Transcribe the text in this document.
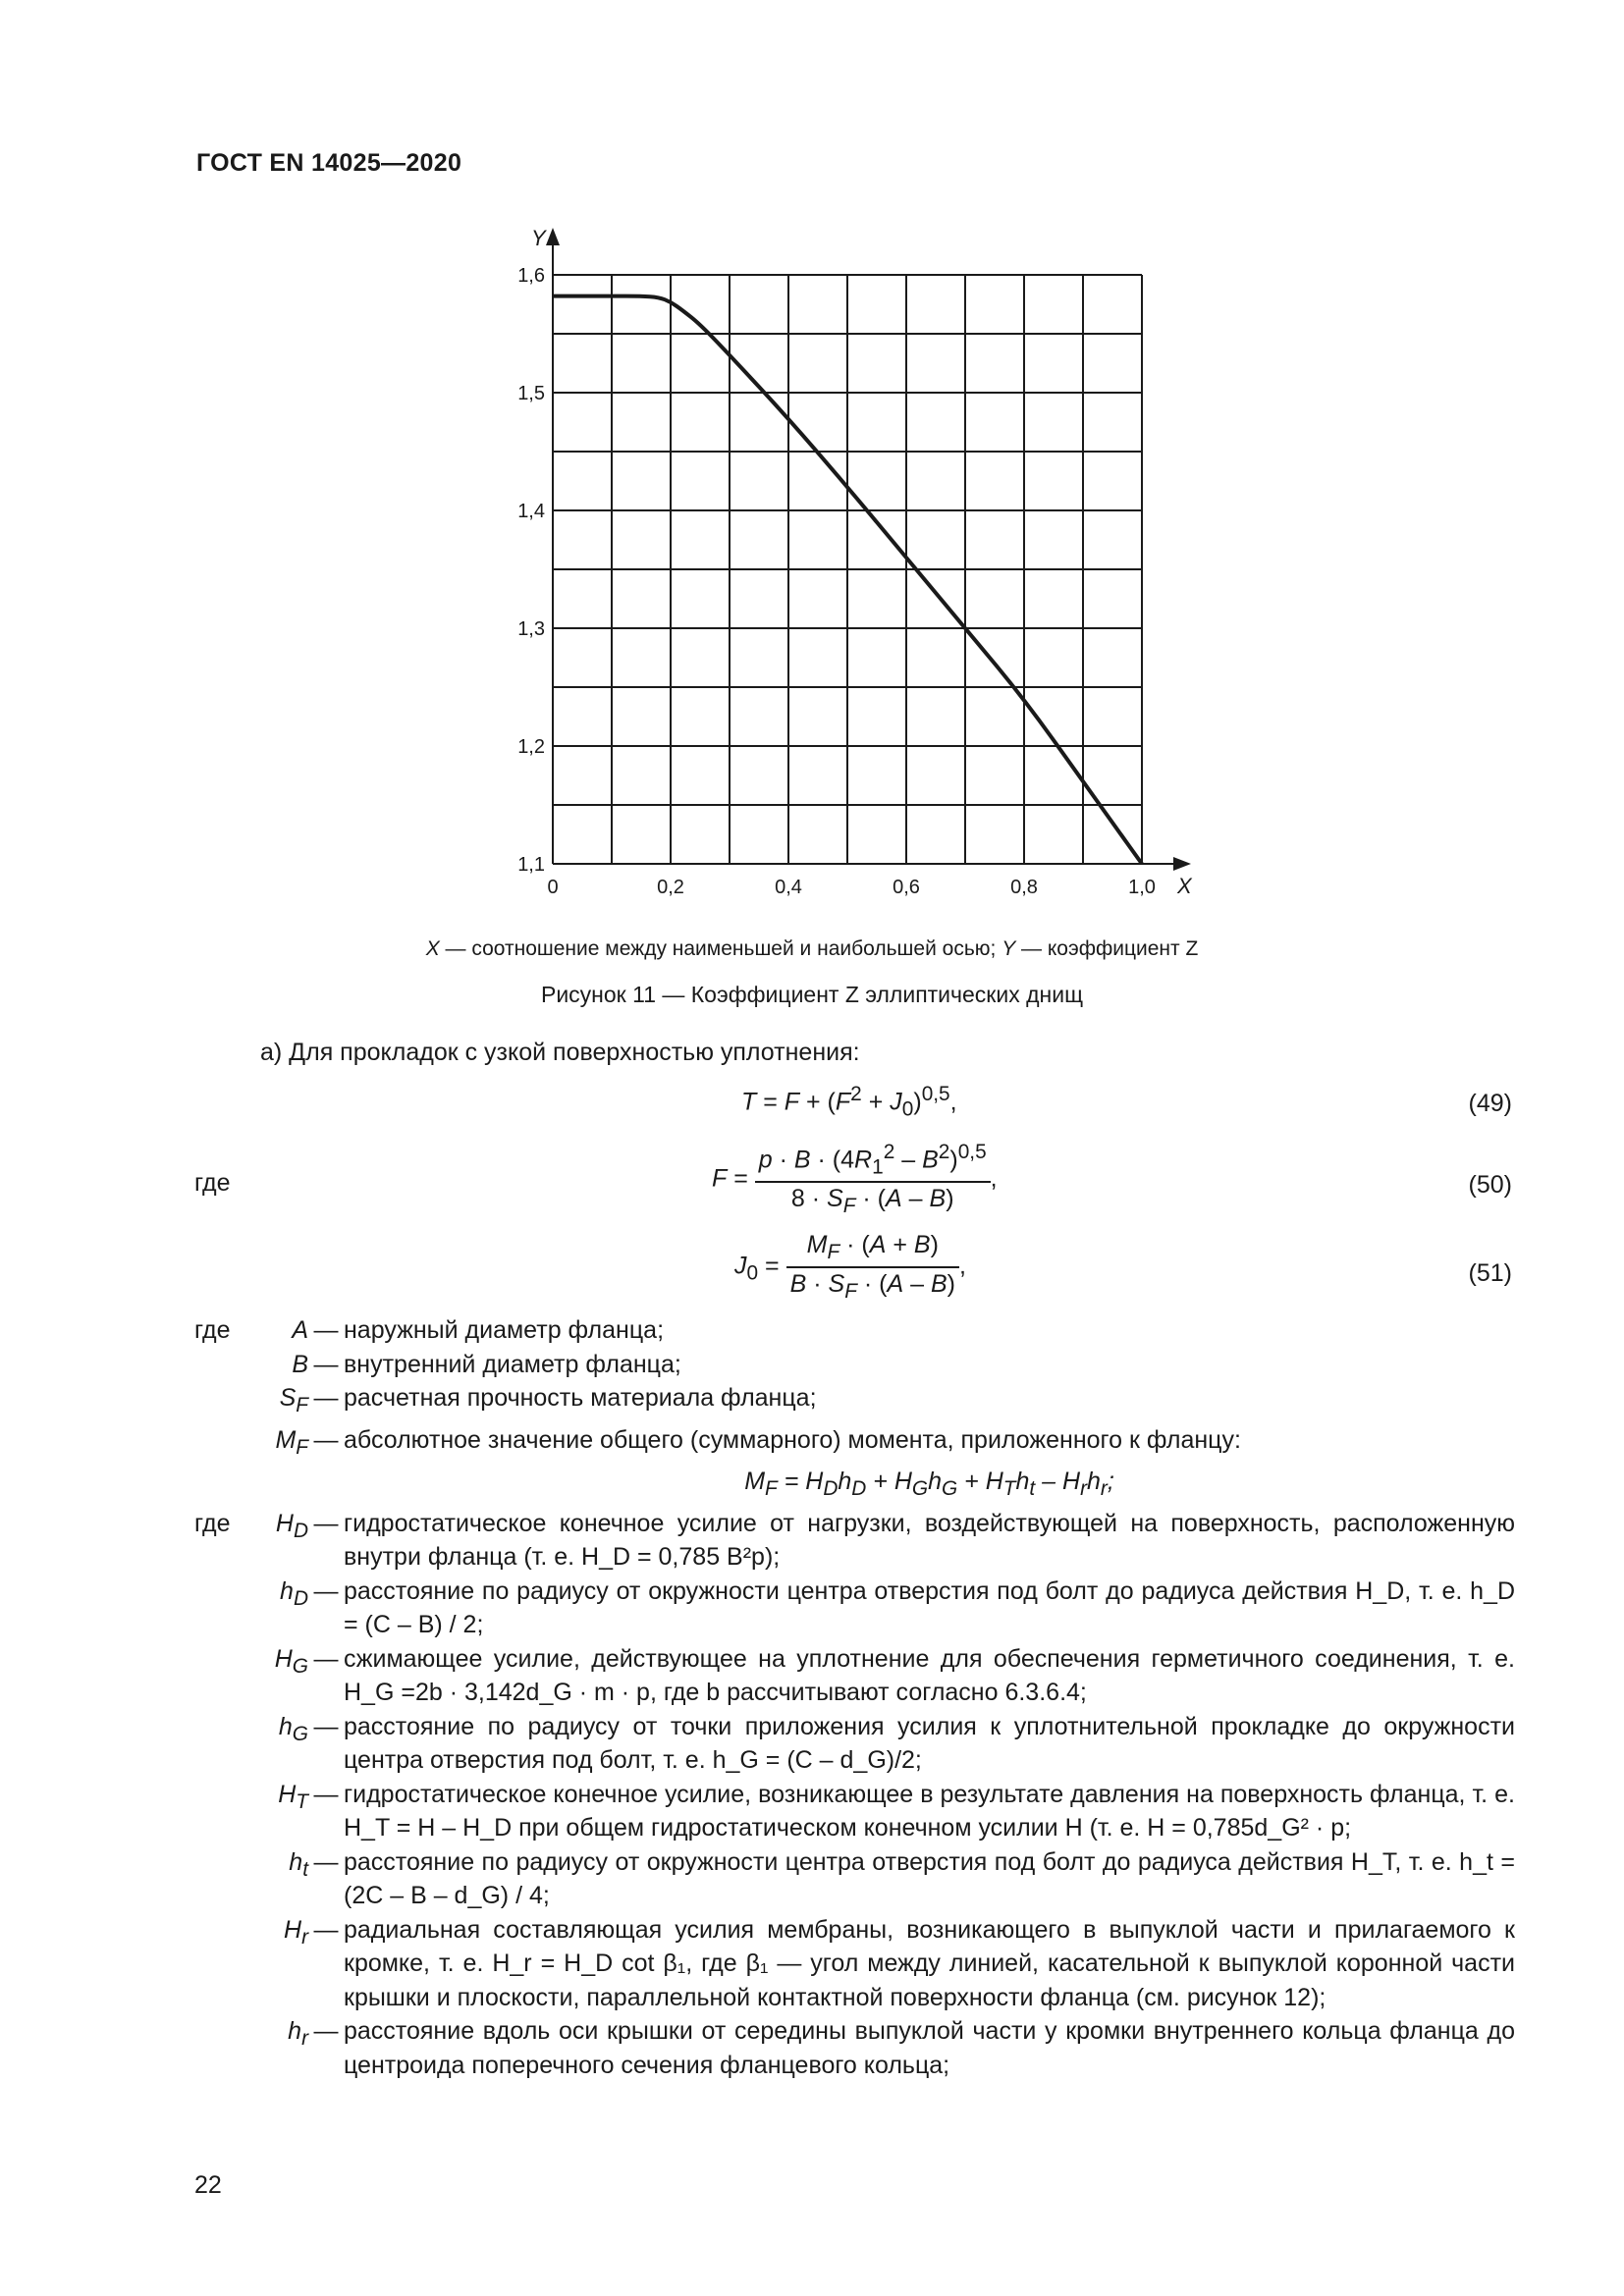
ГОСТ EN 14025—2020
Y
X
1,1
1,2
1,3
1,4
1,5
1,6
0	0,2	0,4	0,6	0,8	1,0
X — соотношение между наименьшей и наибольшей осью; Y — коэффициент Z
Рисунок 11 — Коэффициент Z эллиптических днищ
а) Для прокладок с узкой поверхностью уплотнения:
$T = F + (F^2 + J_0)^{0,5}$,	(49)
где	$F = \frac{p \cdot B \cdot (4R_1^2 - B^2)^{0,5}}{8 \cdot S_F \cdot (A - B)}$ ,	(50)
$J_0 = \frac{M_F \cdot (A + B)}{B \cdot S_F \cdot (A - B)}$ ,	(51)
где	A — наружный диаметр фланца;
B — внутренний диаметр фланца;
$S_F$ — расчетная прочность материала фланца;
$M_F$ — абсолютное значение общего (суммарного) момента, приложенного к фланцу:
$M_F = H_Dh_D + H_Gh_G + H_Th_t - H_rh_r$;
где	$H_D$ — гидростатическое конечное усилие от нагрузки, воздействующей на поверхность, расположенную внутри фланца (т. е. H_D = 0,785 B²p);
$h_D$ — расстояние по радиусу от окружности центра отверстия под болт до радиуса действия H_D, т. е. h_D = (C – B) / 2;
$H_G$ — сжимающее усилие, действующее на уплотнение для обеспечения герметичного соединения, т. е. H_G =2b · 3,142d_G · m · p, где b рассчитывают согласно 6.3.6.4;
$h_G$ — расстояние по радиусу от точки приложения усилия к уплотнительной прокладке до окружности центра отверстия под болт, т. е. h_G = (C – d_G)/2;
$H_T$ — гидростатическое конечное усилие, возникающее в результате давления на поверхность фланца, т. е. H_T = H – H_D при общем гидростатическом конечном усилии H (т. е. H = 0,785d_G² · p;
$h_t$ — расстояние по радиусу от окружности центра отверстия под болт до радиуса действия H_T, т. е. h_t = (2C – B – d_G) / 4;
$H_r$ — радиальная составляющая усилия мембраны, возникающего в выпуклой части и прилагаемого к кромке, т. е. H_r = H_D cot β₁, где β₁ — угол между линией, касательной к выпуклой коронной части крышки и плоскости, параллельной контактной поверхности фланца (см. рисунок 12);
$h_r$ — расстояние вдоль оси крышки от середины выпуклой части у кромки внутреннего кольца фланца до центроида поперечного сечения фланцевого кольца;
22
